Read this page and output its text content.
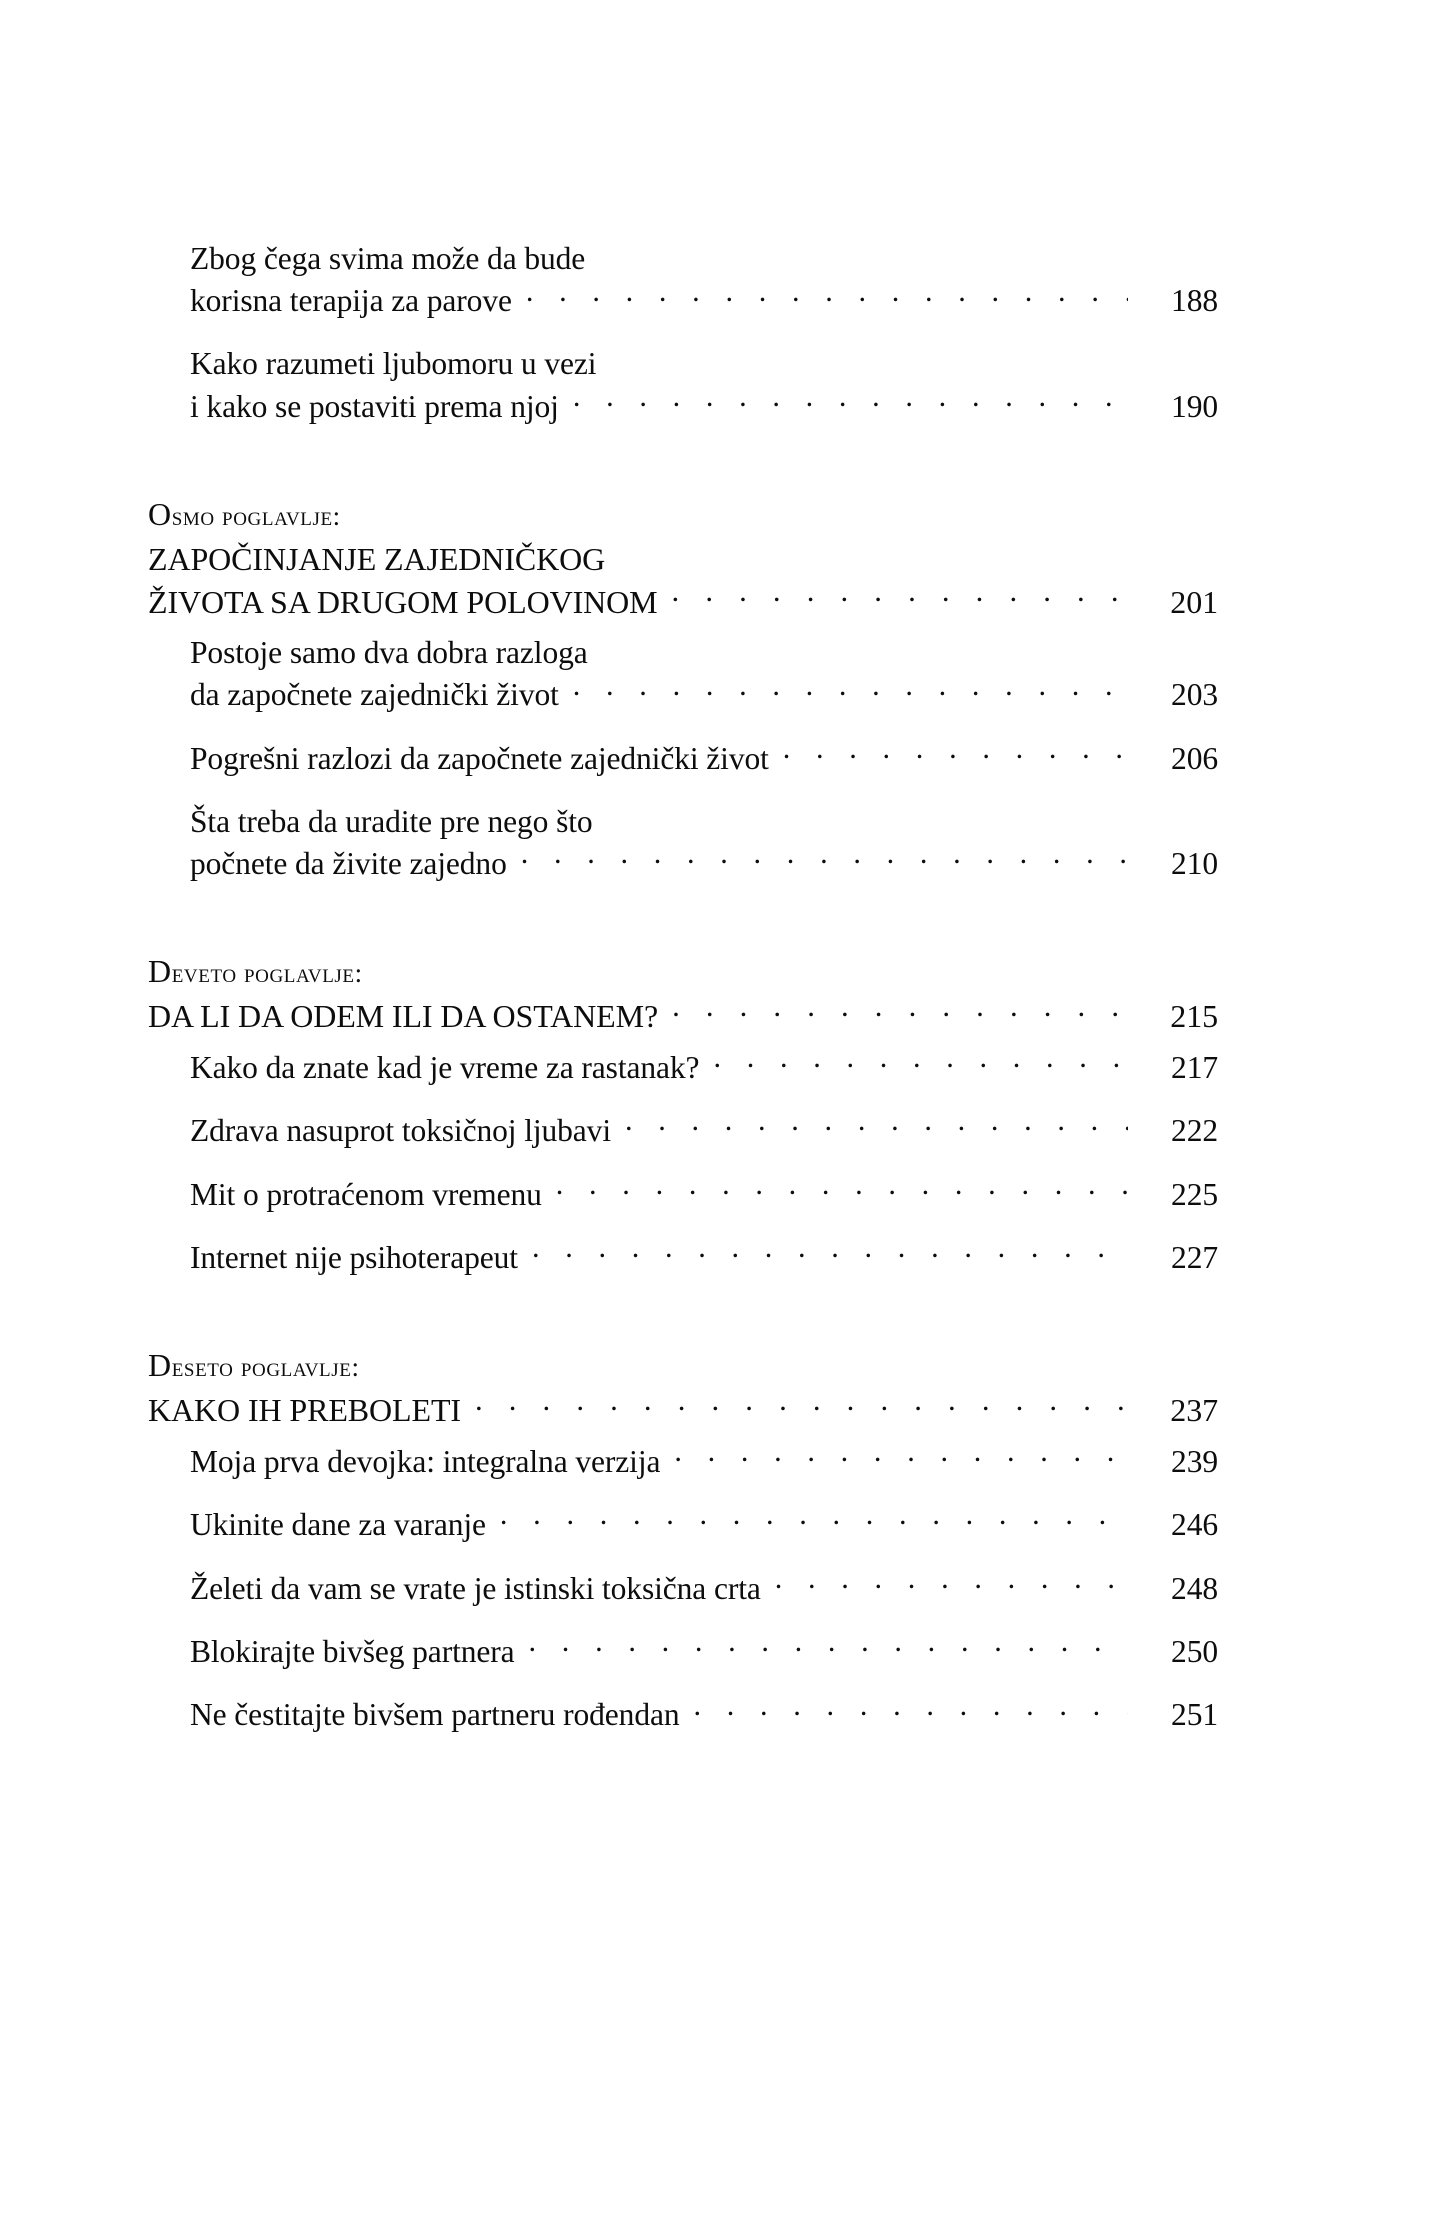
Zbog čega svima može da bude
korisna terapija za parove . . .	188
Kako razumeti ljubomoru u vezi
i kako se postaviti prema njoj . . .	190
Osmo poglavlje:
ZAPOČINJANJE ZAJEDNIČKOG
ŽIVOTA SA DRUGOM POLOVINOM . . .	201
Postoje samo dva dobra razloga
da započnete zajednički život . . .	203
Pogrešni razlozi da započnete zajednički život . . .	206
Šta treba da uradite pre nego što
počnete da živite zajedno . . .	210
Deveto poglavlje:
DA LI DA ODEM ILI DA OSTANEM? . . .	215
Kako da znate kad je vreme za rastanak? . . .	217
Zdrava nasuprot toksičnoj ljubavi . . .	222
Mit o protraćenom vremenu . . .	225
Internet nije psihoterapeut . . .	227
Deseto poglavlje:
KAKO IH PREBOLETI . . .	237
Moja prva devojka: integralna verzija . . .	239
Ukinite dane za varanje . . .	246
Želeti da vam se vrate je istinski toksična crta . . .	248
Blokirajte bivšeg partnera . . .	250
Ne čestitajte bivšem partneru rođendan . . .	251
